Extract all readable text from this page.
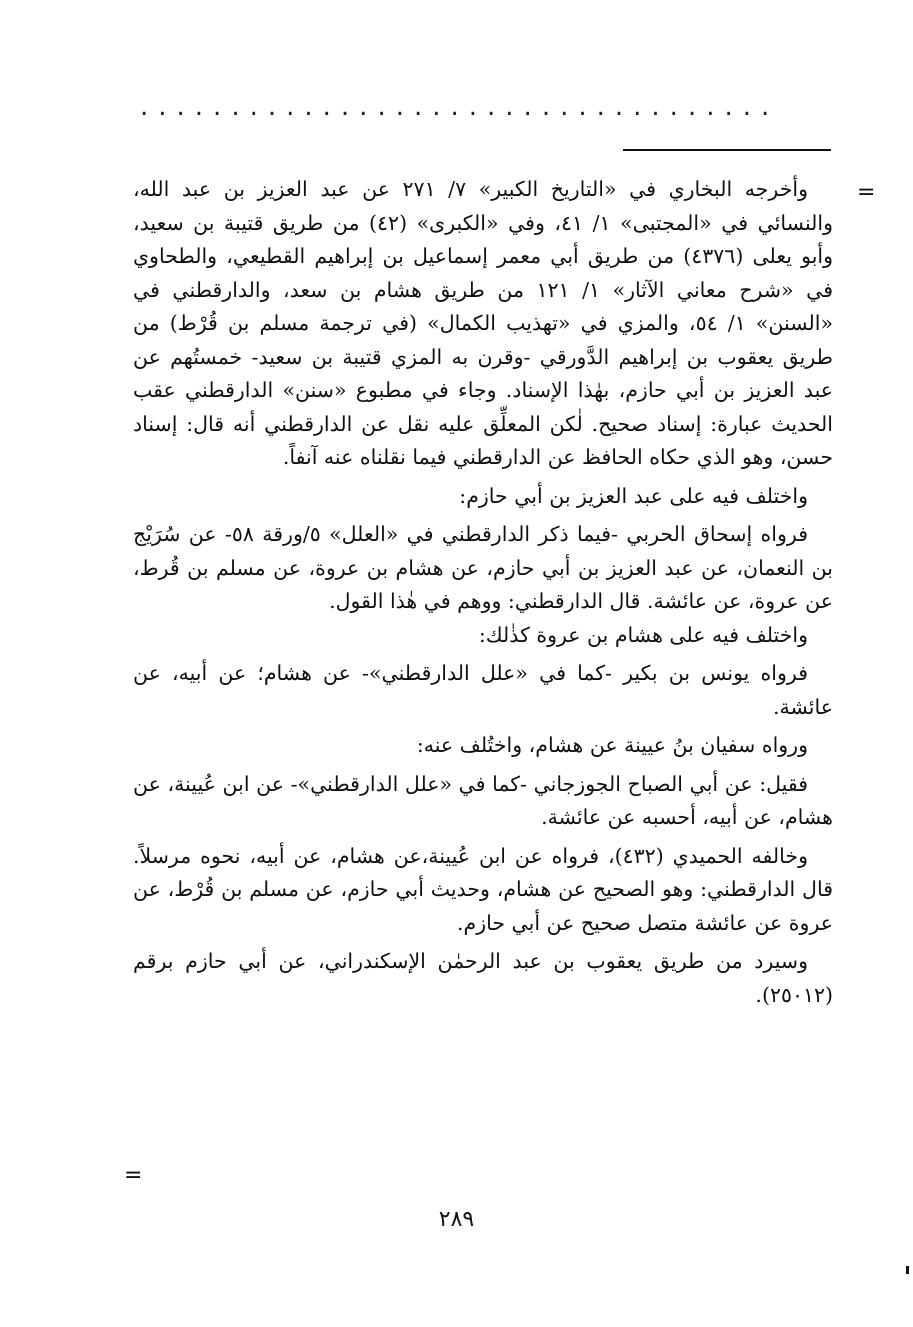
...................................
=

وأخرجه البخاري في «التاريخ الكبير» ٧/ ٢٧١ عن عبد العزيز بن عبد الله، والنسائي في «المجتبى» ١/ ٤١، وفي «الكبرى» (٤٢) من طريق قتيبة بن سعيد، وأبو يعلى (٤٣٧٦) من طريق أبي معمر إسماعيل بن إبراهيم القطيعي، والطحاوي في «شرح معاني الآثار» ١/ ١٢١ من طريق هشام بن سعد، والدارقطني في «السنن» ١/ ٥٤، والمزي في «تهذيب الكمال» (في ترجمة مسلم بن قُرْط) من طريق يعقوب بن إبراهيم الدَّورقي -وقرن به المزي قتيبة بن سعيد- خمستُهم عن عبد العزيز بن أبي حازم، بهٰذا الإسناد. وجاء في مطبوع «سنن» الدارقطني عقب الحديث عبارة: إسناد صحيح. لٰكن المعلِّق عليه نقل عن الدارقطني أنه قال: إسناد حسن، وهو الذي حكاه الحافظ عن الدارقطني فيما نقلناه عنه آنفاً.

واختلف فيه على عبد العزيز بن أبي حازم:

فرواه إسحاق الحربي -فيما ذكر الدارقطني في «العلل» ٥/ورقة ٥٨- عن سُرَيْج بن النعمان، عن عبد العزيز بن أبي حازم، عن هشام بن عروة، عن مسلم بن قُرط، عن عروة، عن عائشة. قال الدارقطني: ووهم في هٰذا القول.

واختلف فيه على هشام بن عروة كذٰلك:

فرواه يونس بن بكير -كما في «علل الدارقطني»- عن هشام؛ عن أبيه، عن عائشة.

ورواه سفيان بنُ عيينة عن هشام، واختُلف عنه:

فقيل: عن أبي الصباح الجوزجاني -كما في «علل الدارقطني»- عن ابن عُيينة، عن هشام، عن أبيه، أحسبه عن عائشة.

وخالفه الحميدي (٤٣٢)، فرواه عن ابن عُيينة،عن هشام، عن أبيه، نحوه مرسلاً. قال الدارقطني: وهو الصحيح عن هشام، وحديث أبي حازم، عن مسلم بن قُرْط، عن عروة عن عائشة متصل صحيح عن أبي حازم.

وسيرد من طريق يعقوب بن عبد الرحمٰن الإسكندراني، عن أبي حازم برقم (٢٥٠١٢).

=
٢٨٩
